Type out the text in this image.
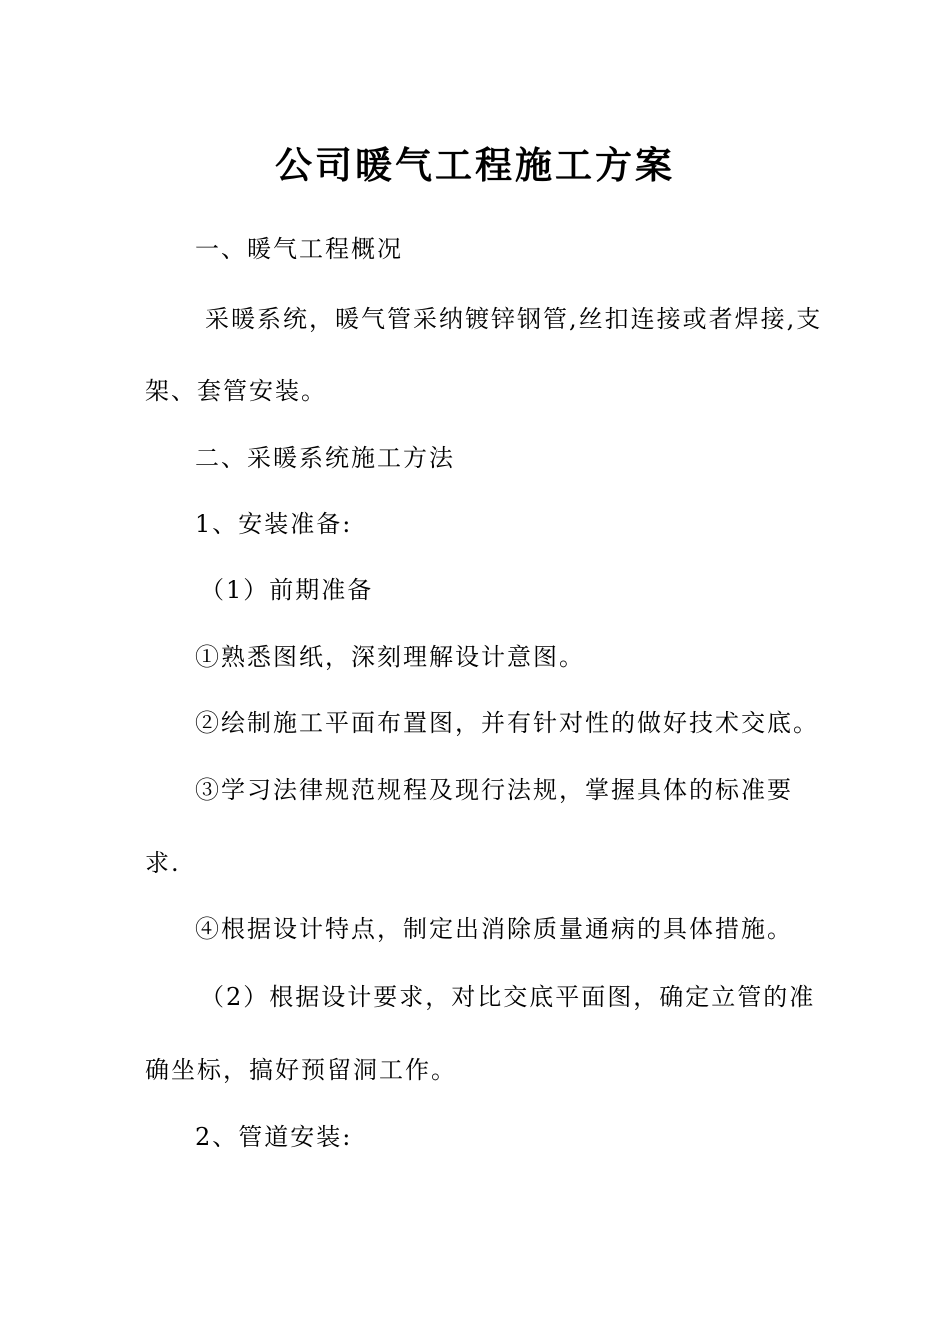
公司暖气工程施工方案
一、暖气工程概况
采暖系统，暖气管采纳镀锌钢管,丝扣连接或者焊接,支
架、套管安装。
二、采暖系统施工方法
1、安装准备:
（1）前期准备
①熟悉图纸，深刻理解设计意图。
②绘制施工平面布置图，并有针对性的做好技术交底。
③学习法律规范规程及现行法规，掌握具体的标准要
求.
④根据设计特点，制定出消除质量通病的具体措施。
（2）根据设计要求，对比交底平面图，确定立管的准
确坐标，搞好预留洞工作。
2、管道安装:
